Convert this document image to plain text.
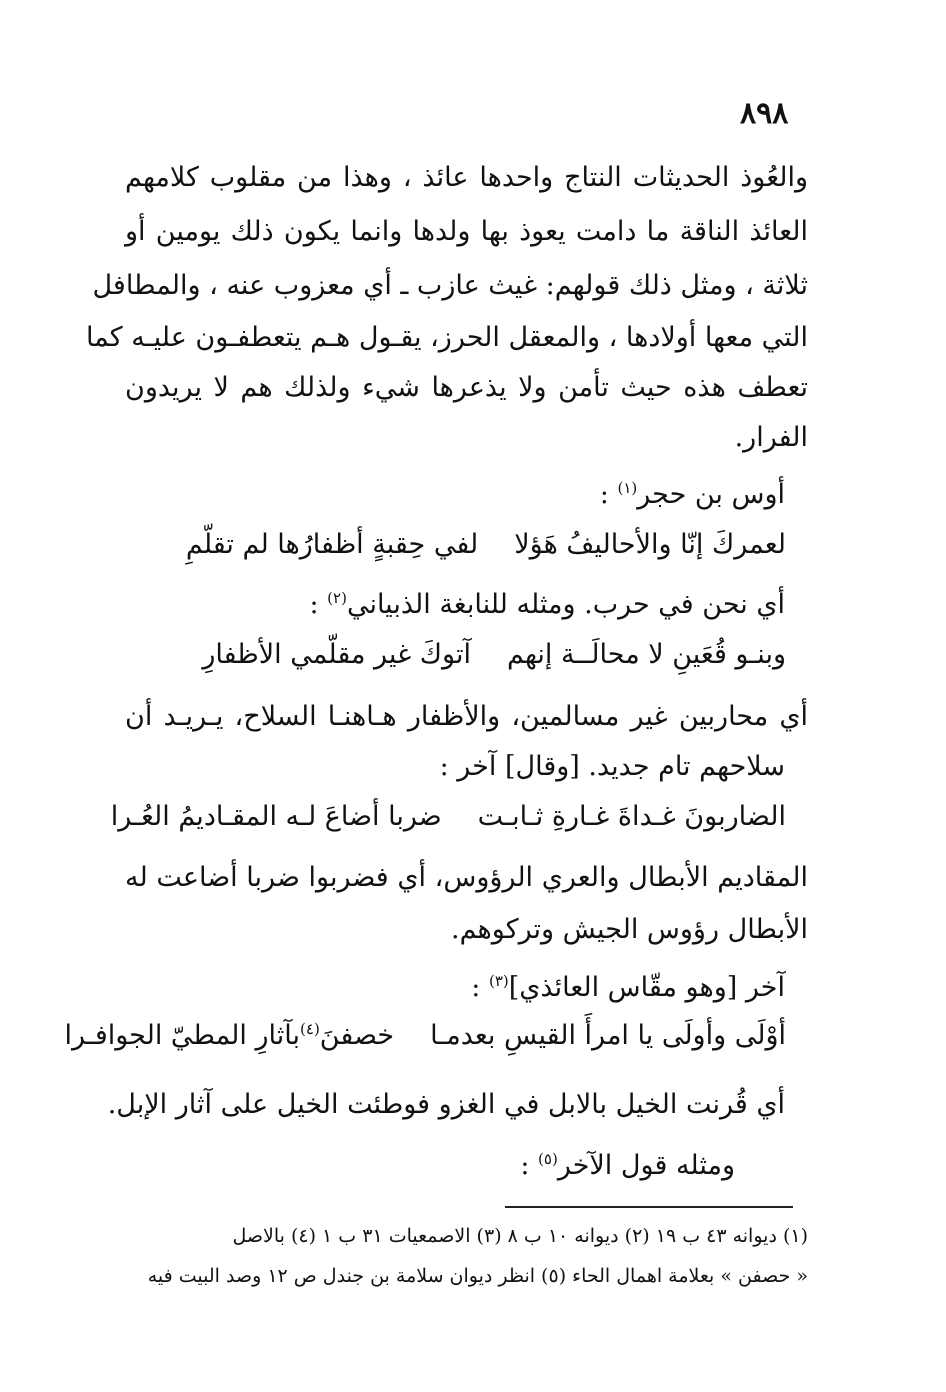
٨٩٨
والعُوذ الحديثات النتاج واحدها عائذ ، وهذا من مقلوب كلامهم
العائذ الناقة ما دامت يعوذ بها ولدها وانما يكون ذلك يومين أو
ثلاثة ، ومثل ذلك قولهم: غيث عازب ـ أي معزوب عنه ، والمطافل
التي معها أولادها ، والمعقل الحرز، يقـول هـم يتعطفـون عليـه كما
تعطف هذه حيث تأمن ولا يذعرها شيء ولذلك هم لا يريدون
الفرار.
أوس بن حجر$^{(١)}$ :
لعمركَ إنّا والأحاليفُ هَؤلا
لفي حِقبةٍ أظفارُها لم تقلّمِ
أي نحن في حرب. ومثله للنابغة الذبياني$^{(٢)}$ :
وبنـو قُعَينِ لا محالَــة إنهم
آتوكَ غير مقلّمي الأظفارِ
أي محاربين غير مسالمين، والأظفار هـاهنـا السلاح، يـريـد أن
سلاحهم تام جديد. [وقال] آخر :
الضاربونَ غـداةَ غـارةِ ثـابـت
ضربا أضاعَ لـه المقـاديمُ العُـرا
المقاديم الأبطال والعري الرؤوس، أي فضربوا ضربا أضاعت له
الأبطال رؤوس الجيش وتركوهم.
آخر [وهو مقّاس العائذي]$^{(٣)}$ :
أوْلَى وأولَى يا امرأَ القيسِ بعدمـا
خصفنَ$^{(٤)}$بآثارِ المطيّ الجوافـرا
أي قُرنت الخيل بالابل في الغزو فوطئت الخيل على آثار الإبل.
ومثله قول الآخر$^{(٥)}$ :
(١) ديوانه ٤٣ ب ١٩ (٢) ديوانه ١٠ ب ٨ (٣) الاصمعيات ٣١ ب ١ (٤) بالاصل
« حصفن » بعلامة اهمال الحاء (٥) انظر ديوان سلامة بن جندل ص ١٢ وصد البيت فيه
